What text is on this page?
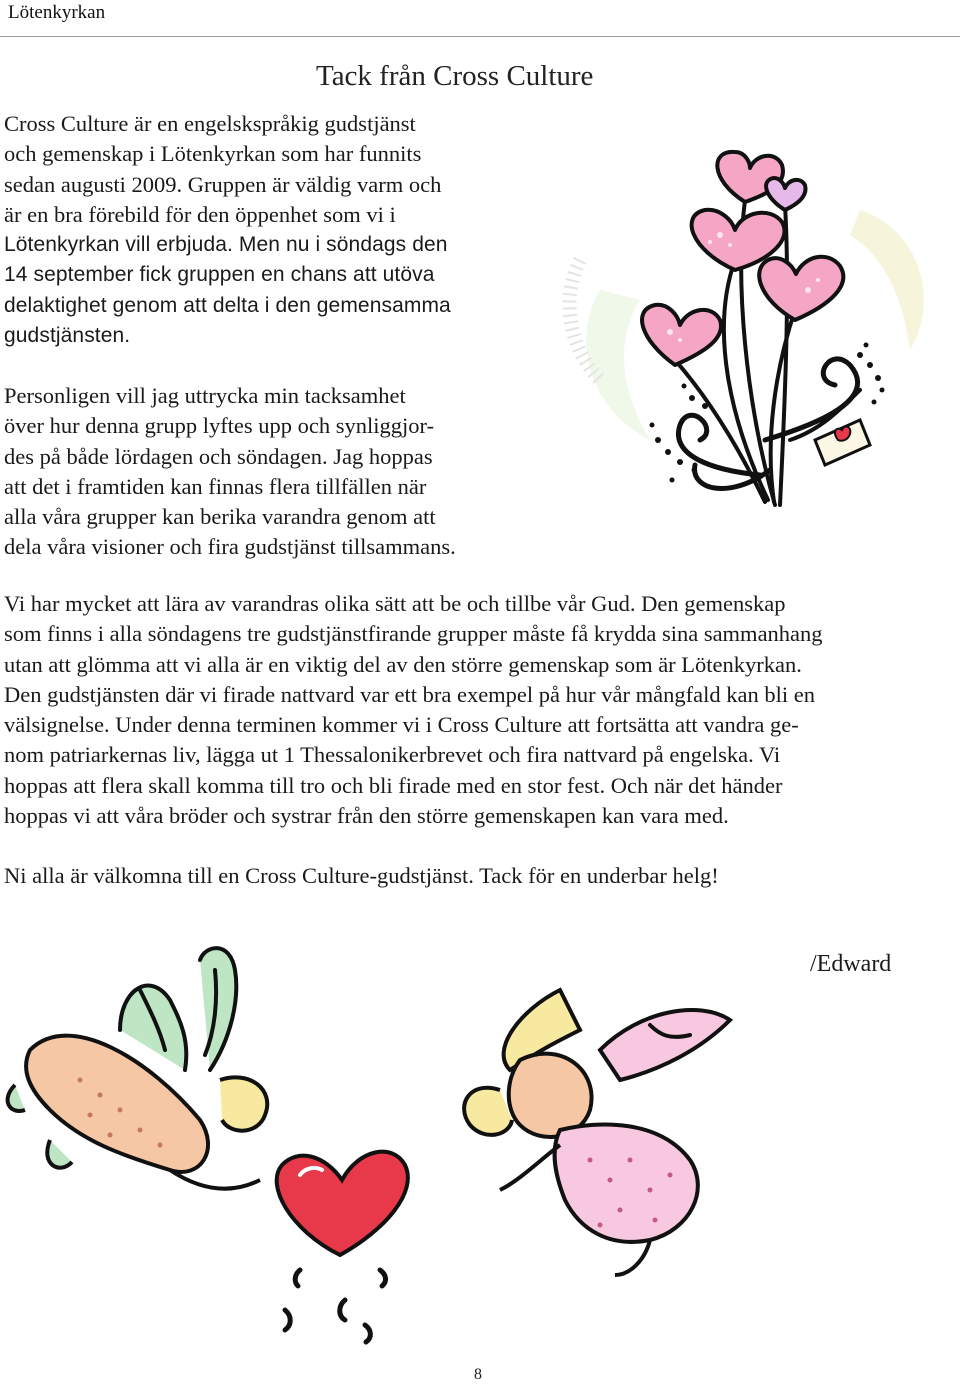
Lötenkyrkan
Tack från Cross Culture

Cross Culture är en engelskspråkig gudstjänst
och gemenskap i Lötenkyrkan som har funnits
sedan augusti 2009. Gruppen är väldig varm och
är en bra förebild för den öppenhet som vi i
Lötenkyrkan vill erbjuda. Men nu i söndags den
14 september fick gruppen en chans att utöva
delaktighet genom att delta i den gemensamma
gudstjänsten.

Personligen vill jag uttrycka min tacksamhet
över hur denna grupp lyftes upp och synliggjor-
des på både lördagen och söndagen. Jag hoppas
att det i framtiden kan finnas flera tillfällen när
alla våra grupper kan berika varandra genom att
dela våra visioner och fira gudstjänst tillsammans.

Vi har mycket att lära av varandras olika sätt att be och tillbe vår Gud. Den gemenskap
som finns i alla söndagens tre gudstjänstfirande grupper måste få krydda sina sammanhang
utan att glömma att vi alla är en viktig del av den större gemenskap som är Lötenkyrkan.
Den gudstjänsten där vi firade nattvard var ett bra exempel på hur vår mångfald kan bli en
välsignelse. Under denna terminen kommer vi i Cross Culture att fortsätta att vandra ge-
nom patriarkernas liv, lägga ut 1 Thessalonikerbrevet och fira nattvard på engelska. Vi
hoppas att flera skall komma till tro och bli firade med en stor fest. Och när det händer
hoppas vi att våra bröder och systrar från den större gemenskapen kan vara med.

Ni alla är välkomna till en Cross Culture-gudstjänst. Tack för en underbar helg!

/Edward
8
